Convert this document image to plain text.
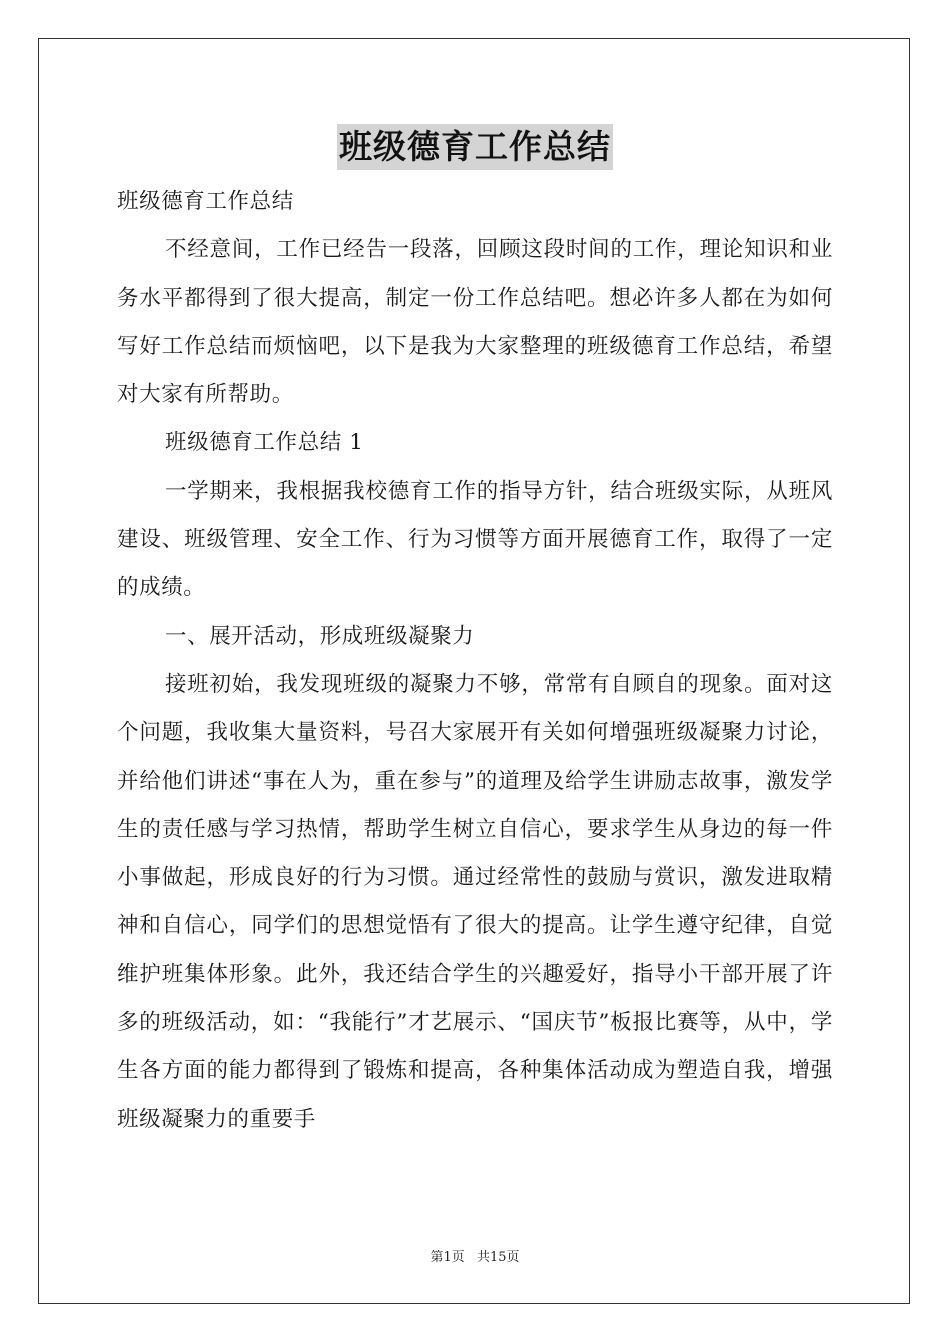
班级德育工作总结

班级德育工作总结

不经意间，工作已经告一段落，回顾这段时间的工作，理论知识和业务水平都得到了很大提高，制定一份工作总结吧。想必许多人都在为如何写好工作总结而烦恼吧，以下是我为大家整理的班级德育工作总结，希望对大家有所帮助。

班级德育工作总结 1

一学期来，我根据我校德育工作的指导方针，结合班级实际，从班风建设、班级管理、安全工作、行为习惯等方面开展德育工作，取得了一定的成绩。

一、展开活动，形成班级凝聚力

接班初始，我发现班级的凝聚力不够，常常有自顾自的现象。面对这个问题，我收集大量资料，号召大家展开有关如何增强班级凝聚力讨论，并给他们讲述“事在人为，重在参与”的道理及给学生讲励志故事，激发学生的责任感与学习热情，帮助学生树立自信心，要求学生从身边的每一件小事做起，形成良好的行为习惯。通过经常性的鼓励与赏识，激发进取精神和自信心，同学们的思想觉悟有了很大的提高。让学生遵守纪律，自觉维护班集体形象。此外，我还结合学生的兴趣爱好，指导小干部开展了许多的班级活动，如：“我能行”才艺展示、“国庆节”板报比赛等，从中，学生各方面的能力都得到了锻炼和提高，各种集体活动成为塑造自我，增强班级凝聚力的重要手

第1页 共15页
